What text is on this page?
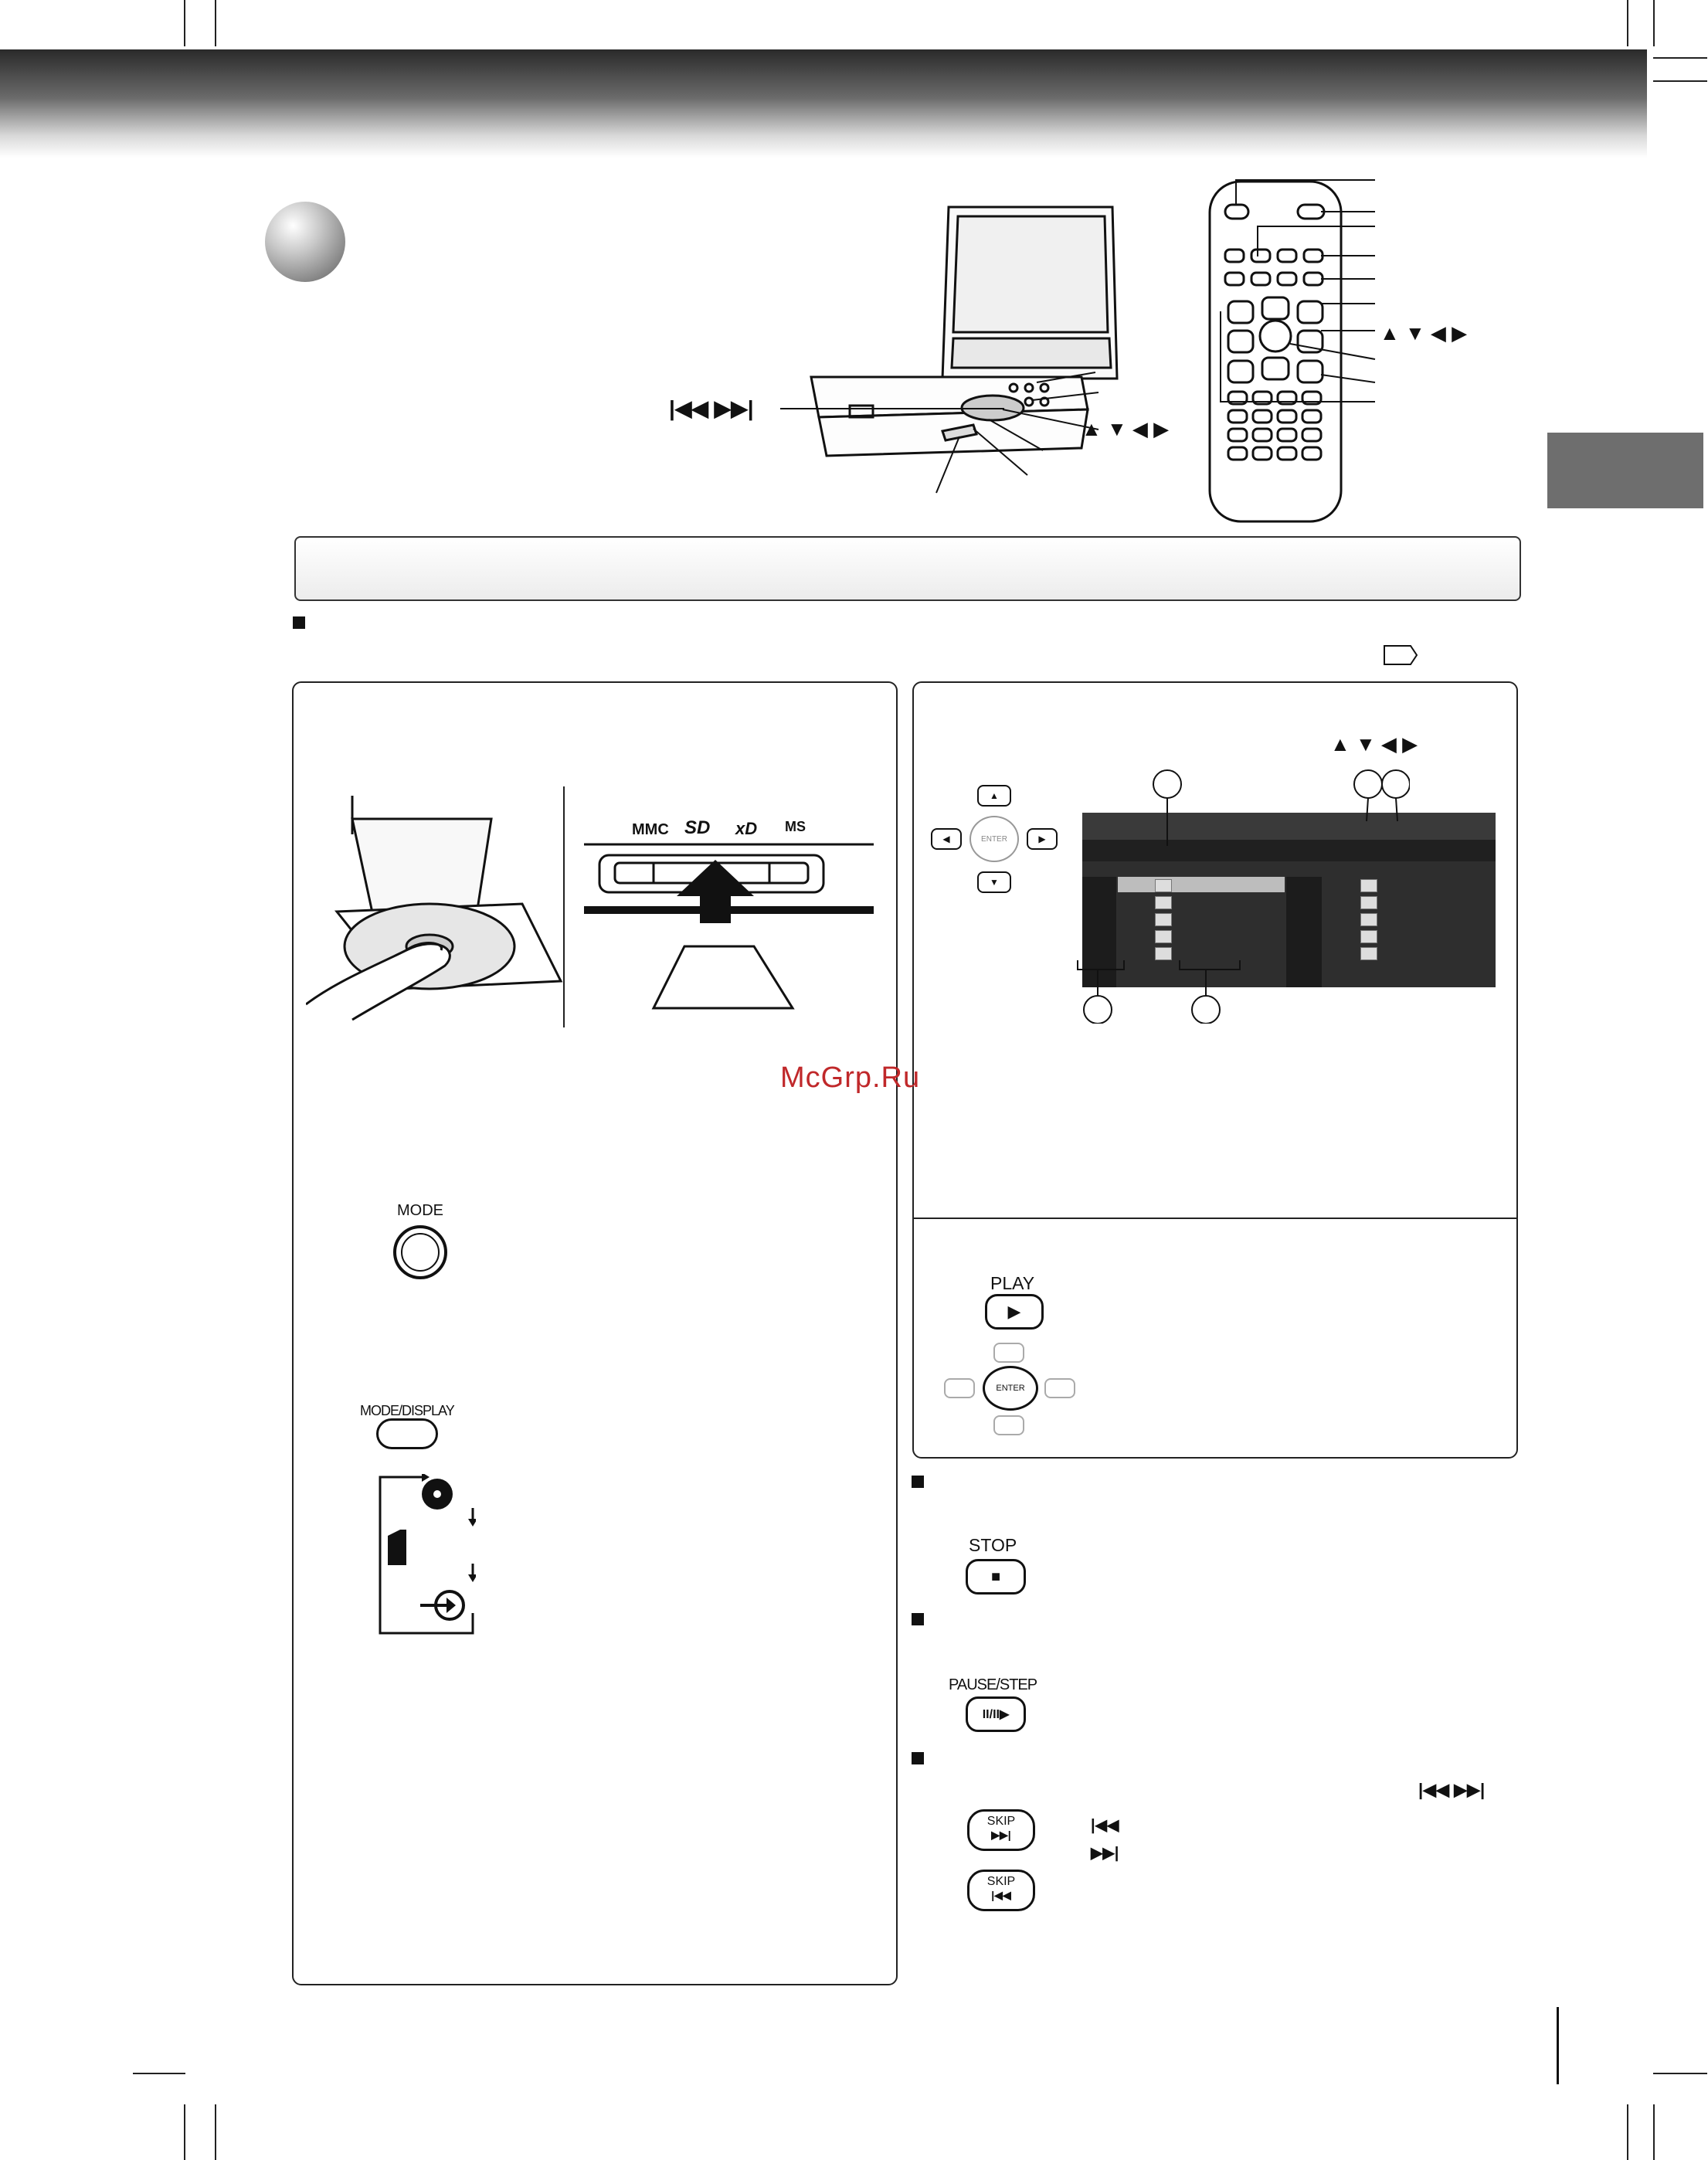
|◀◀ ▶▶|
▲ ▼ ◀ ▶
▲ ▼ ◀ ▶
MMC SD xD MS
MODE
MODE/DISPLAY
▲ ▼ ◀ ▶
▲
▼
◀	▶
ENTER
PLAY
▶
ENTER
McGrp.Ru
STOP
■
PAUSE/STEP
II/II▶
|◀◀ ▶▶|
SKIP
▶▶|
SKIP
|◀◀
|◀◀
▶▶|
